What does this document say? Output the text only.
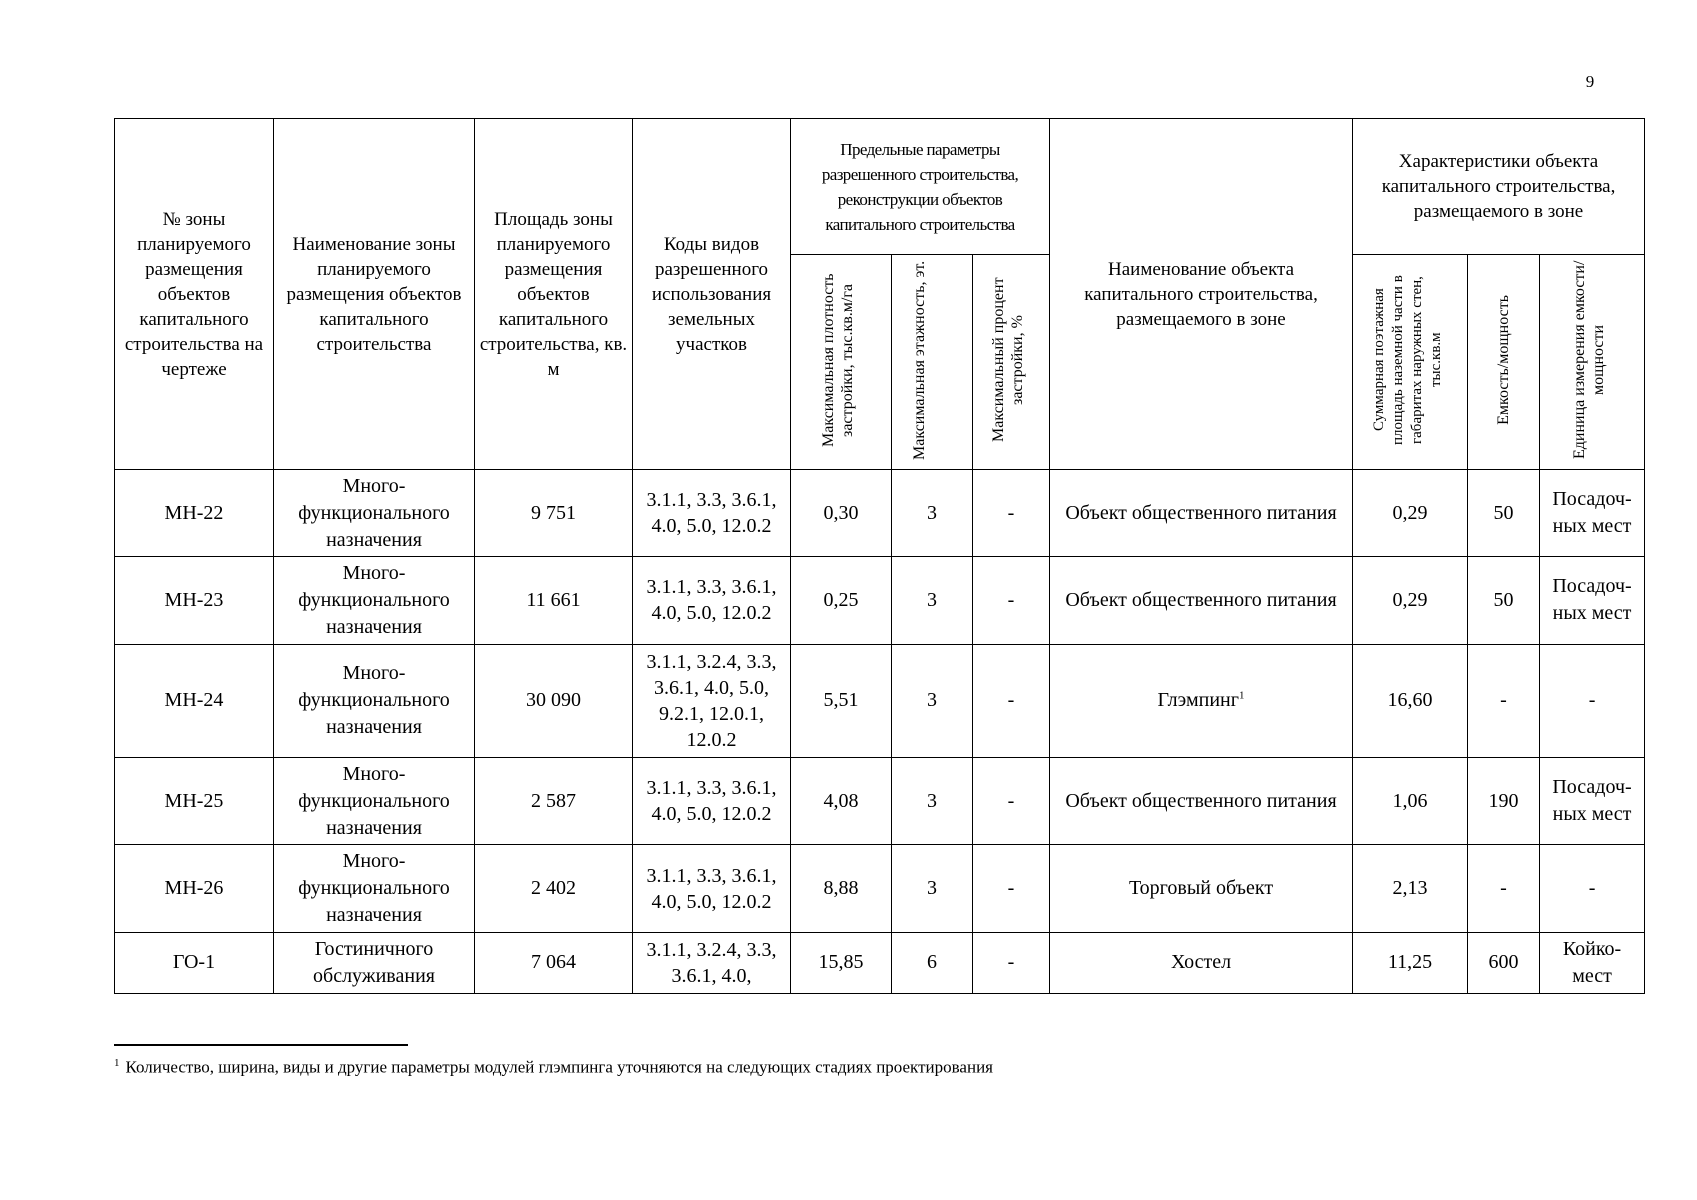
9
№ зоны планируемого размещения объектов капитального строительства на чертеже	Наименование зоны планируемого размещения объектов капитального строительства	Площадь зоны планируемого размещения объектов капитального строительства, кв. м	Коды видов разрешенного использования земельных участков	Предельные параметры разрешенного строительства, реконструкции объектов капитального строительства			Наименование объекта капитального строительства, размещаемого в зоне	Характеристики объекта капитального строительства, размещаемого в зоне		
				Максимальная плотность застройки, тыс.кв.м/га	Максимальная этажность, эт.	Максимальный процент застройки, %		Суммарная поэтажная площадь наземной части в габаритах наружных стен, тыс.кв.м	Емкость/мощность	Единица измерения емкости/мощности
МН-22	Много-функционального назначения	9 751	3.1.1, 3.3, 3.6.1, 4.0, 5.0, 12.0.2	0,30	3	-	Объект общественного питания	0,29	50	Посадоч-ных мест
МН-23	Много-функционального назначения	11 661	3.1.1, 3.3, 3.6.1, 4.0, 5.0, 12.0.2	0,25	3	-	Объект общественного питания	0,29	50	Посадоч-ных мест
МН-24	Много-функционального назначения	30 090	3.1.1, 3.2.4, 3.3, 3.6.1, 4.0, 5.0, 9.2.1, 12.0.1, 12.0.2	5,51	3	-	Глэмпинг$^1$	16,60	-	-
МН-25	Много-функционального назначения	2 587	3.1.1, 3.3, 3.6.1, 4.0, 5.0, 12.0.2	4,08	3	-	Объект общественного питания	1,06	190	Посадоч-ных мест
МН-26	Много-функционального назначения	2 402	3.1.1, 3.3, 3.6.1, 4.0, 5.0, 12.0.2	8,88	3	-	Торговый объект	2,13	-	-
ГО-1	Гостиничного обслуживания	7 064	3.1.1, 3.2.4, 3.3, 3.6.1, 4.0,	15,85	6	-	Хостел	11,25	600	Койко-мест
$^1$ Количество, ширина, виды и другие параметры модулей глэмпинга уточняются на следующих стадиях проектирования
